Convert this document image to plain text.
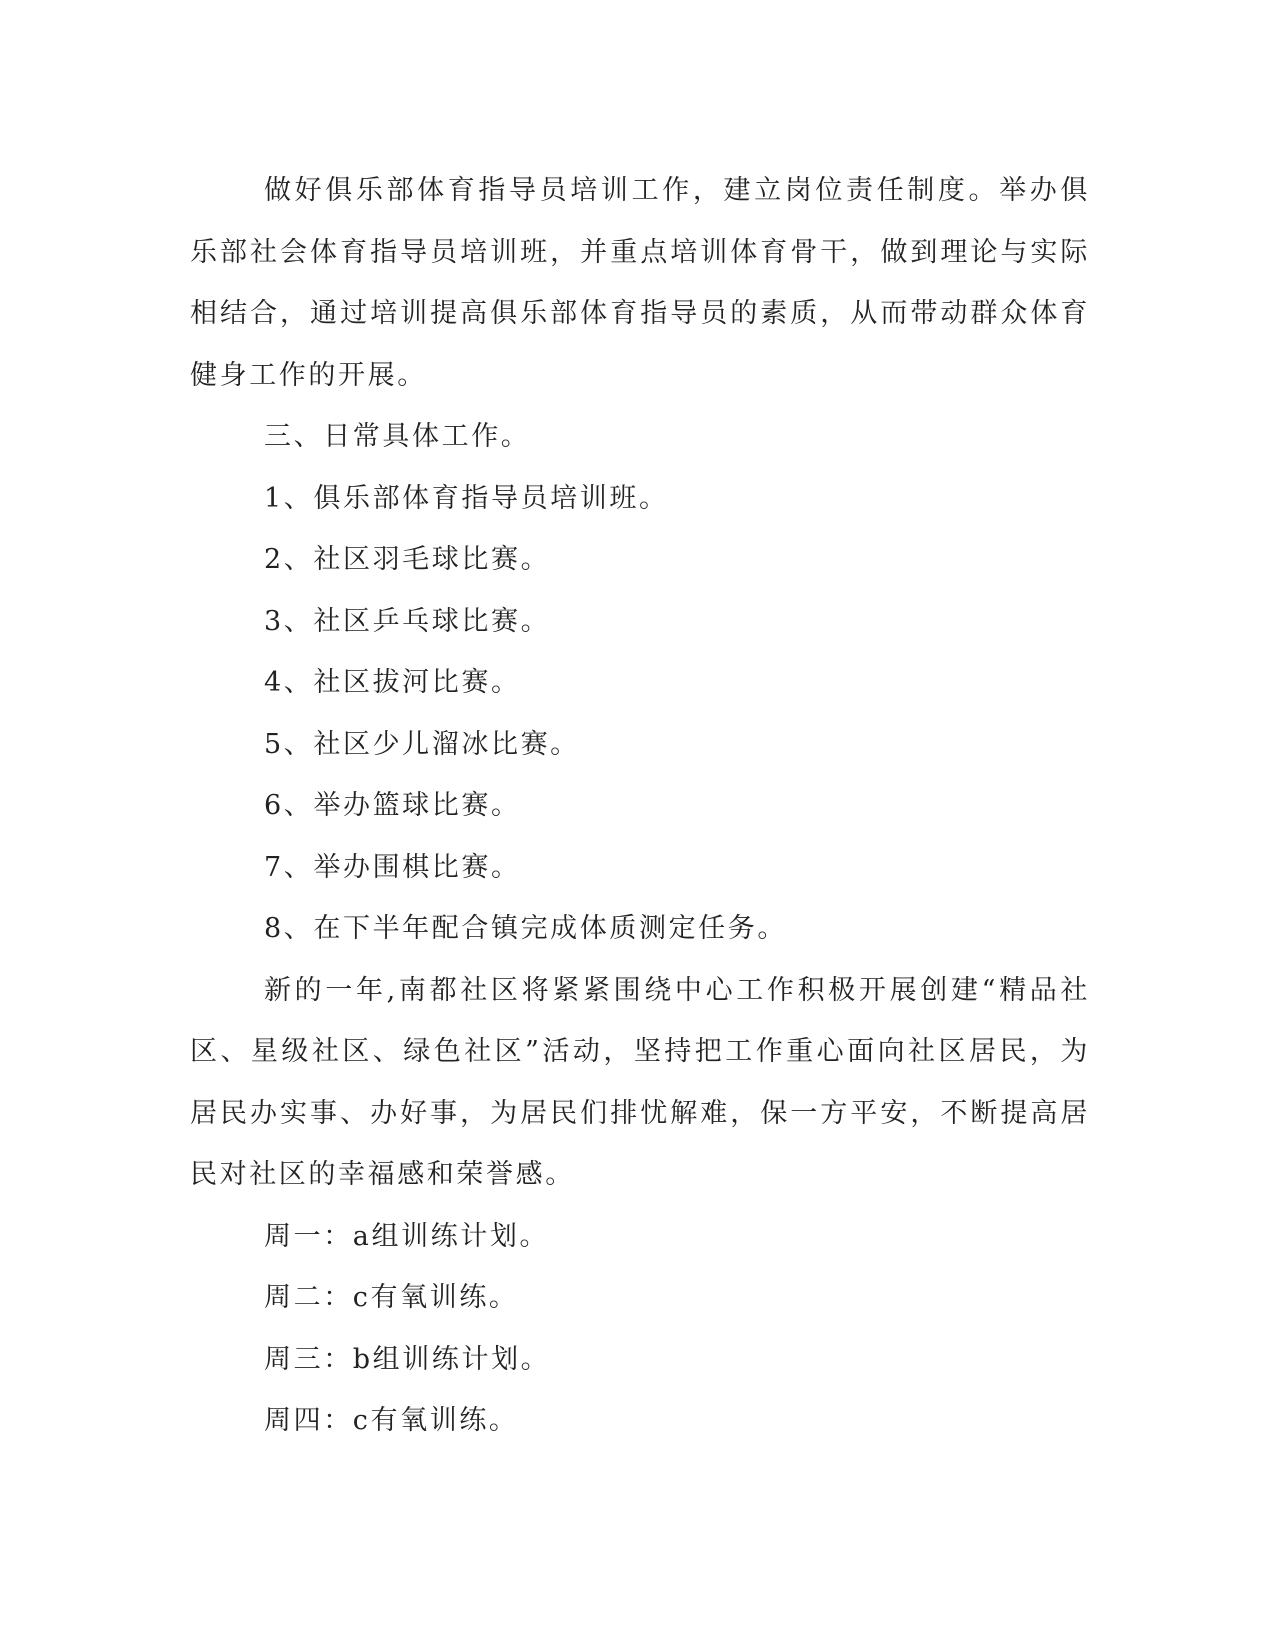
做好俱乐部体育指导员培训工作，建立岗位责任制度。举办俱乐部社会体育指导员培训班，并重点培训体育骨干，做到理论与实际相结合，通过培训提高俱乐部体育指导员的素质，从而带动群众体育健身工作的开展。

三、日常具体工作。

1、俱乐部体育指导员培训班。

2、社区羽毛球比赛。

3、社区乒乓球比赛。

4、社区拔河比赛。

5、社区少儿溜冰比赛。

6、举办篮球比赛。

7、举办围棋比赛。

8、在下半年配合镇完成体质测定任务。

新的一年,南都社区将紧紧围绕中心工作积极开展创建“精品社区、星级社区、绿色社区”活动，坚持把工作重心面向社区居民，为居民办实事、办好事，为居民们排忧解难，保一方平安，不断提高居民对社区的幸福感和荣誉感。

周一：a组训练计划。

周二：c有氧训练。

周三：b组训练计划。

周四：c有氧训练。
